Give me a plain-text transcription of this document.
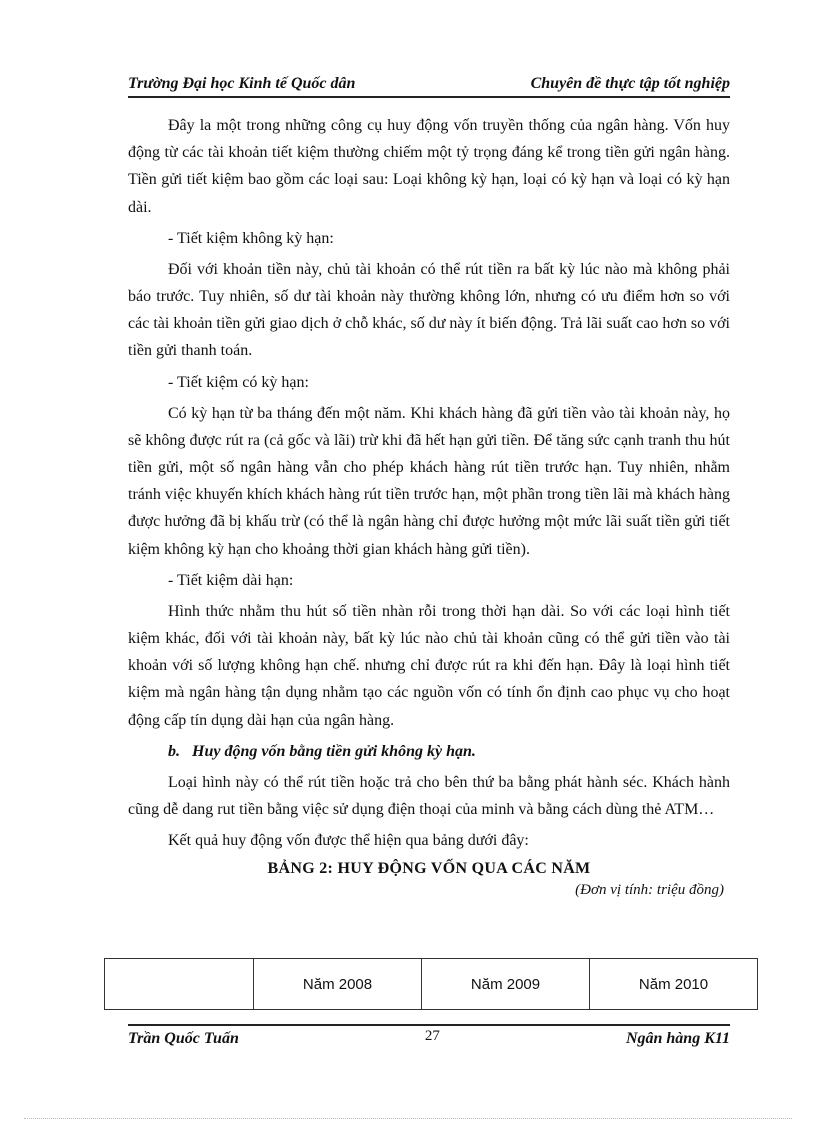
Trường Đại học Kinh tế Quốc dân	Chuyên đề thực tập tốt nghiệp

Đây la một trong những công cụ huy động vốn truyền thống của ngân hàng. Vốn huy động từ các tài khoản tiết kiệm thường chiếm một tỷ trọng đáng kể trong tiền gửi ngân hàng. Tiền gửi tiết kiệm bao gồm các loại sau: Loại không kỳ hạn, loại có kỳ hạn và loại có kỳ hạn dài.

- Tiết kiệm không kỳ hạn:

Đối với khoản tiền này, chủ tài khoản có thể rút tiền ra bất kỳ lúc nào mà không phải báo trước. Tuy nhiên, số dư tài khoản này thường không lớn, nhưng có ưu điểm hơn so với các tài khoản tiền gửi giao dịch ở chỗ khác, số dư này ít biến động. Trả lãi suất cao hơn so với tiền gửi thanh toán.

- Tiết kiệm có kỳ hạn:

Có kỳ hạn từ ba tháng đến một năm. Khi khách hàng đã gửi tiền vào tài khoản này, họ sẽ không được rút ra (cả gốc và lãi) trừ khi đã hết hạn gửi tiền. Để tăng sức cạnh tranh thu hút tiền gửi, một số ngân hàng vẫn cho phép khách hàng rút tiền trước hạn. Tuy nhiên, nhằm tránh việc khuyến khích khách hàng rút tiền trước hạn, một phần trong tiền lãi mà khách hàng được hưởng đã bị khấu trừ (có thể là ngân hàng chỉ được hưởng một mức lãi suất tiền gửi tiết kiệm không kỳ hạn cho khoảng thời gian khách hàng gửi tiền).

- Tiết kiệm dài hạn:

Hình thức nhằm thu hút số tiền nhàn rỗi trong thời hạn dài. So với các loại hình tiết kiệm khác, đối với tài khoản này, bất kỳ lúc nào chủ tài khoản cũng có thể gửi tiền vào tài khoản với số lượng không hạn chế. nhưng chỉ được rút ra khi đến hạn. Đây là loại hình tiết kiệm mà ngân hàng tận dụng nhằm tạo các nguồn vốn có tính ổn định cao phục vụ cho hoạt động cấp tín dụng dài hạn của ngân hàng.

b. Huy động vốn bằng tiền gửi không kỳ hạn.

Loại hình này có thể rút tiền hoặc trả cho bên thứ ba bằng phát hành séc. Khách hành cũng dễ dang rut tiền bằng việc sử dụng điện thoại của minh và bằng cách dùng thẻ ATM…

Kết quả huy động vốn được thể hiện qua bảng dưới đây:

BẢNG 2: HUY ĐỘNG VỐN QUA CÁC NĂM
(Đơn vị tính: triệu đồng)
	Năm 2008	Năm 2009	Năm 2010
Trần Quốc Tuấn	27	Ngân hàng K11
